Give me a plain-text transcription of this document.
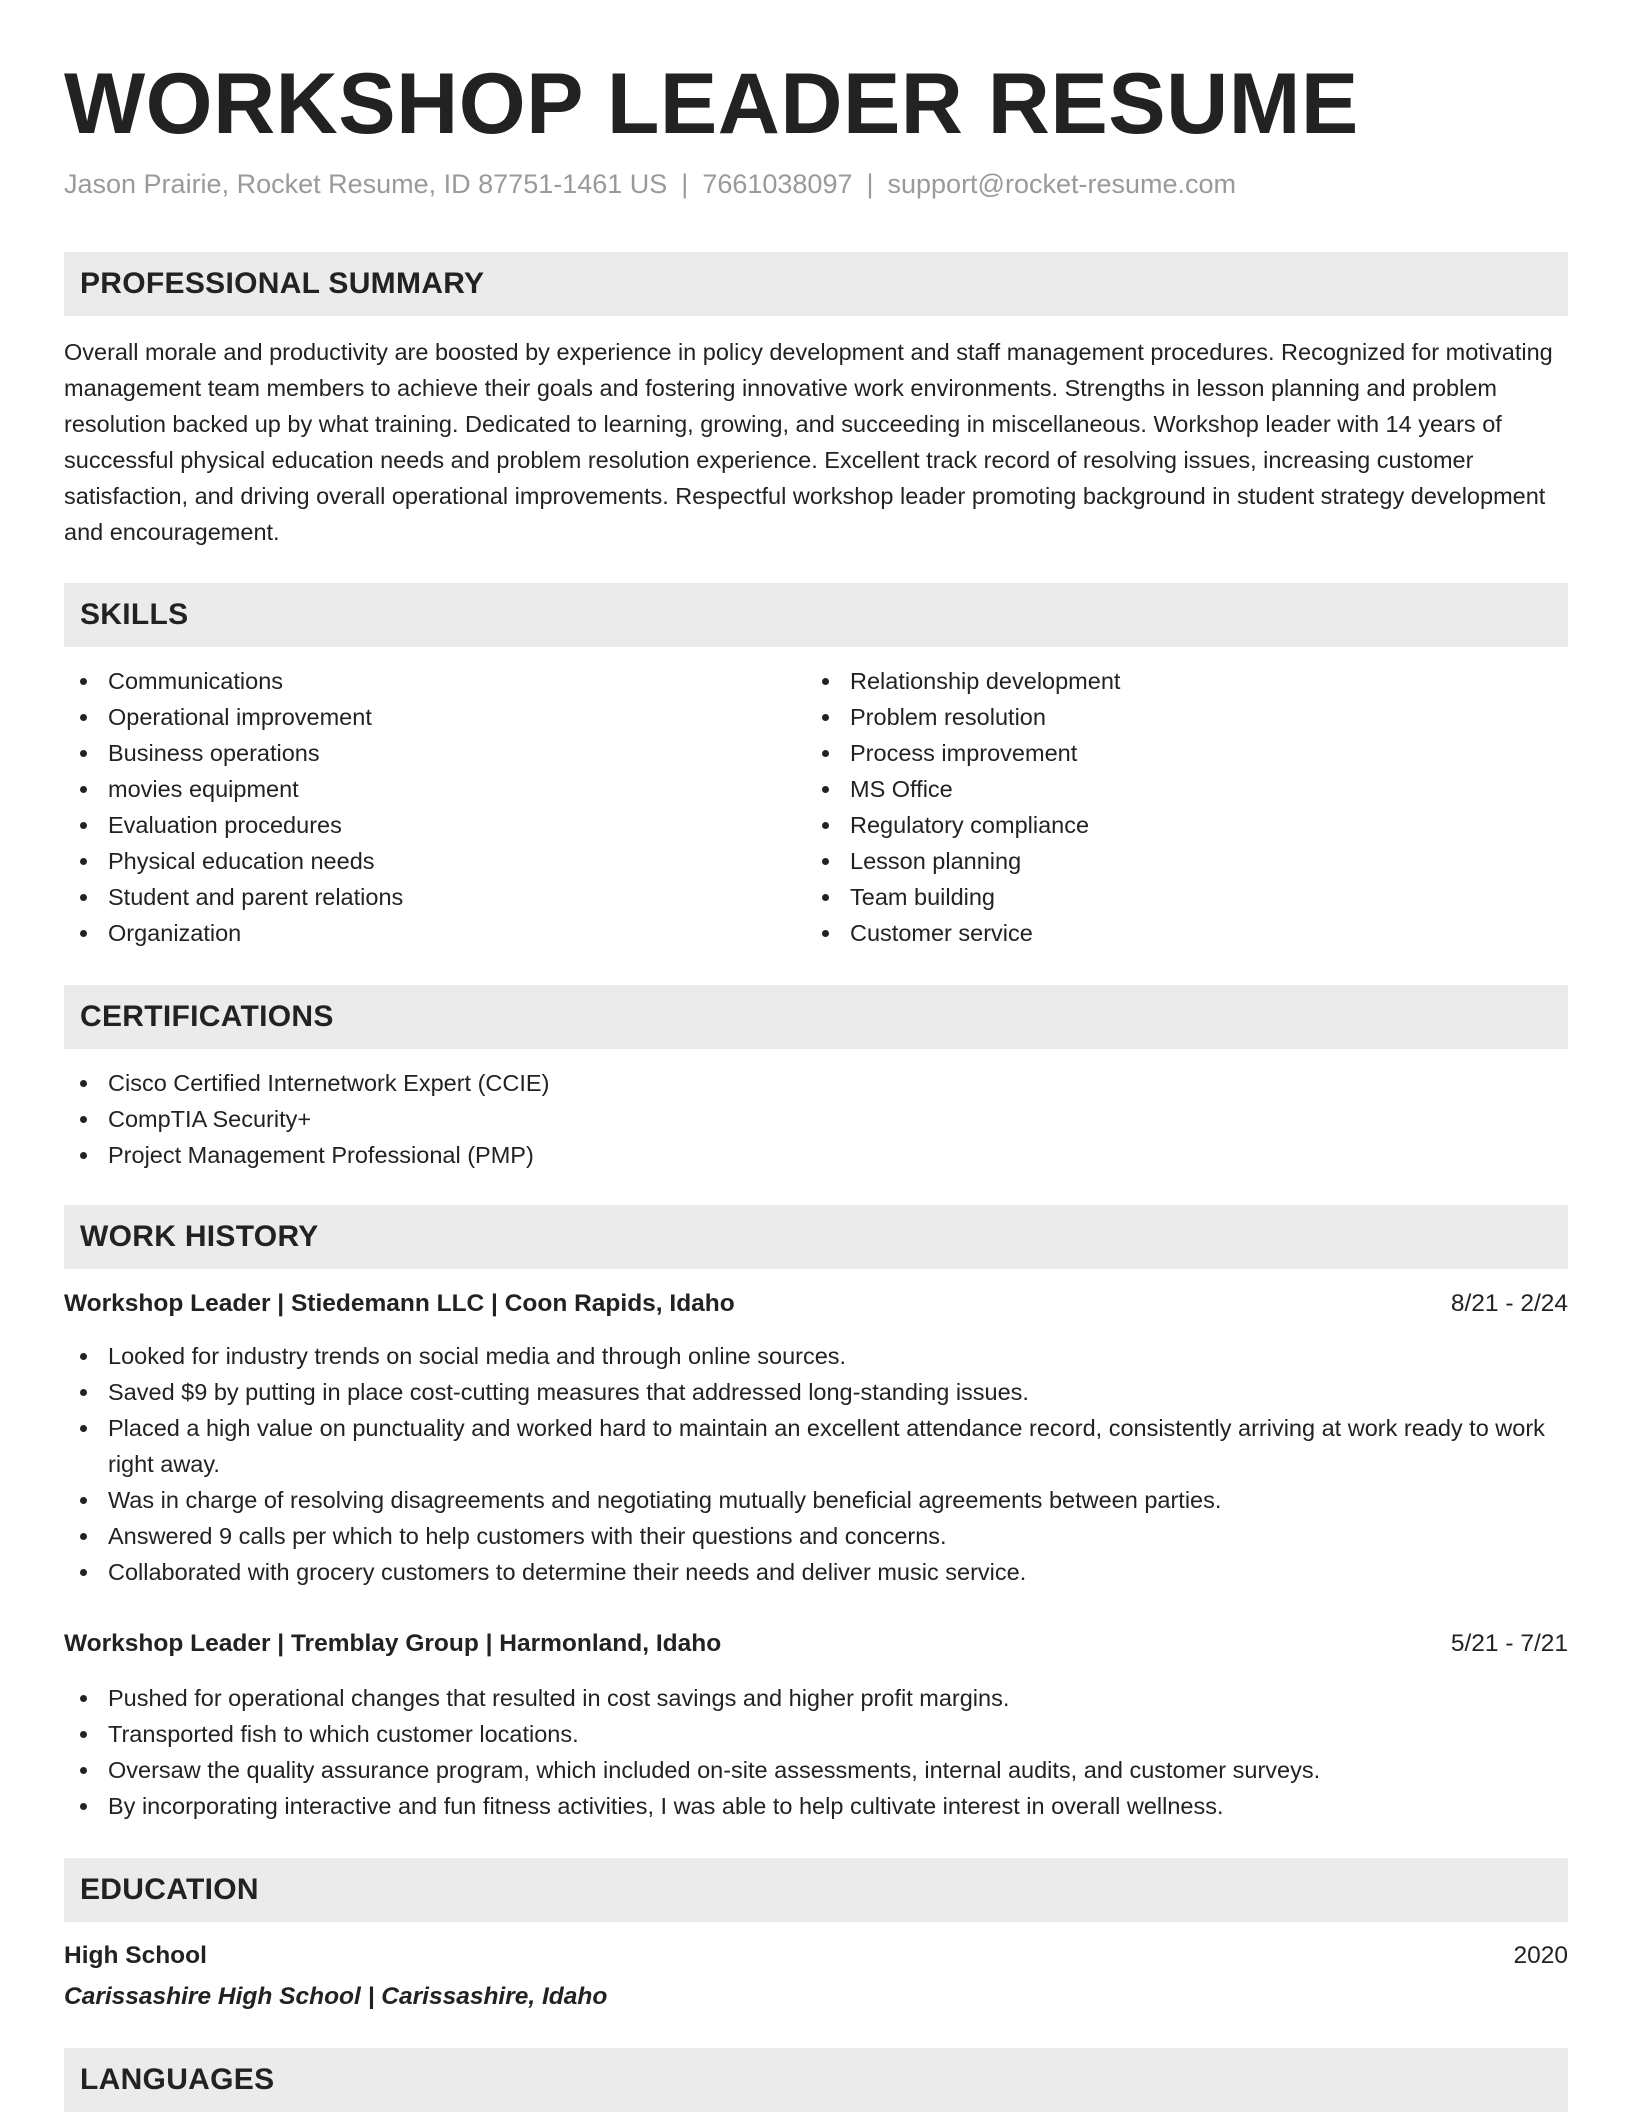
WORKSHOP LEADER RESUME
Jason Prairie, Rocket Resume, ID 87751-1461 US | 7661038097 | support@rocket-resume.com
PROFESSIONAL SUMMARY

Overall morale and productivity are boosted by experience in policy development and staff management procedures. Recognized for motivating management team members to achieve their goals and fostering innovative work environments. Strengths in lesson planning and problem resolution backed up by what training. Dedicated to learning, growing, and succeeding in miscellaneous. Workshop leader with 14 years of successful physical education needs and problem resolution experience. Excellent track record of resolving issues, increasing customer satisfaction, and driving overall operational improvements. Respectful workshop leader promoting background in student strategy development and encouragement.

SKILLS
Communications
Operational improvement
Business operations
movies equipment
Evaluation procedures
Physical education needs
Student and parent relations
Organization
Relationship development
Problem resolution
Process improvement
MS Office
Regulatory compliance
Lesson planning
Team building
Customer service
CERTIFICATIONS
Cisco Certified Internetwork Expert (CCIE)
CompTIA Security+
Project Management Professional (PMP)
WORK HISTORY
Workshop Leader | Stiedemann LLC | Coon Rapids, Idaho	8/21 - 2/24
Looked for industry trends on social media and through online sources.
Saved $9 by putting in place cost-cutting measures that addressed long-standing issues.
Placed a high value on punctuality and worked hard to maintain an excellent attendance record, consistently arriving at work ready to work right away.
Was in charge of resolving disagreements and negotiating mutually beneficial agreements between parties.
Answered 9 calls per which to help customers with their questions and concerns.
Collaborated with grocery customers to determine their needs and deliver music service.
Workshop Leader | Tremblay Group | Harmonland, Idaho	5/21 - 7/21
Pushed for operational changes that resulted in cost savings and higher profit margins.
Transported fish to which customer locations.
Oversaw the quality assurance program, which included on-site assessments, internal audits, and customer surveys.
By incorporating interactive and fun fitness activities, I was able to help cultivate interest in overall wellness.
EDUCATION
High School	2020
Carissashire High School | Carissashire, Idaho
LANGUAGES
